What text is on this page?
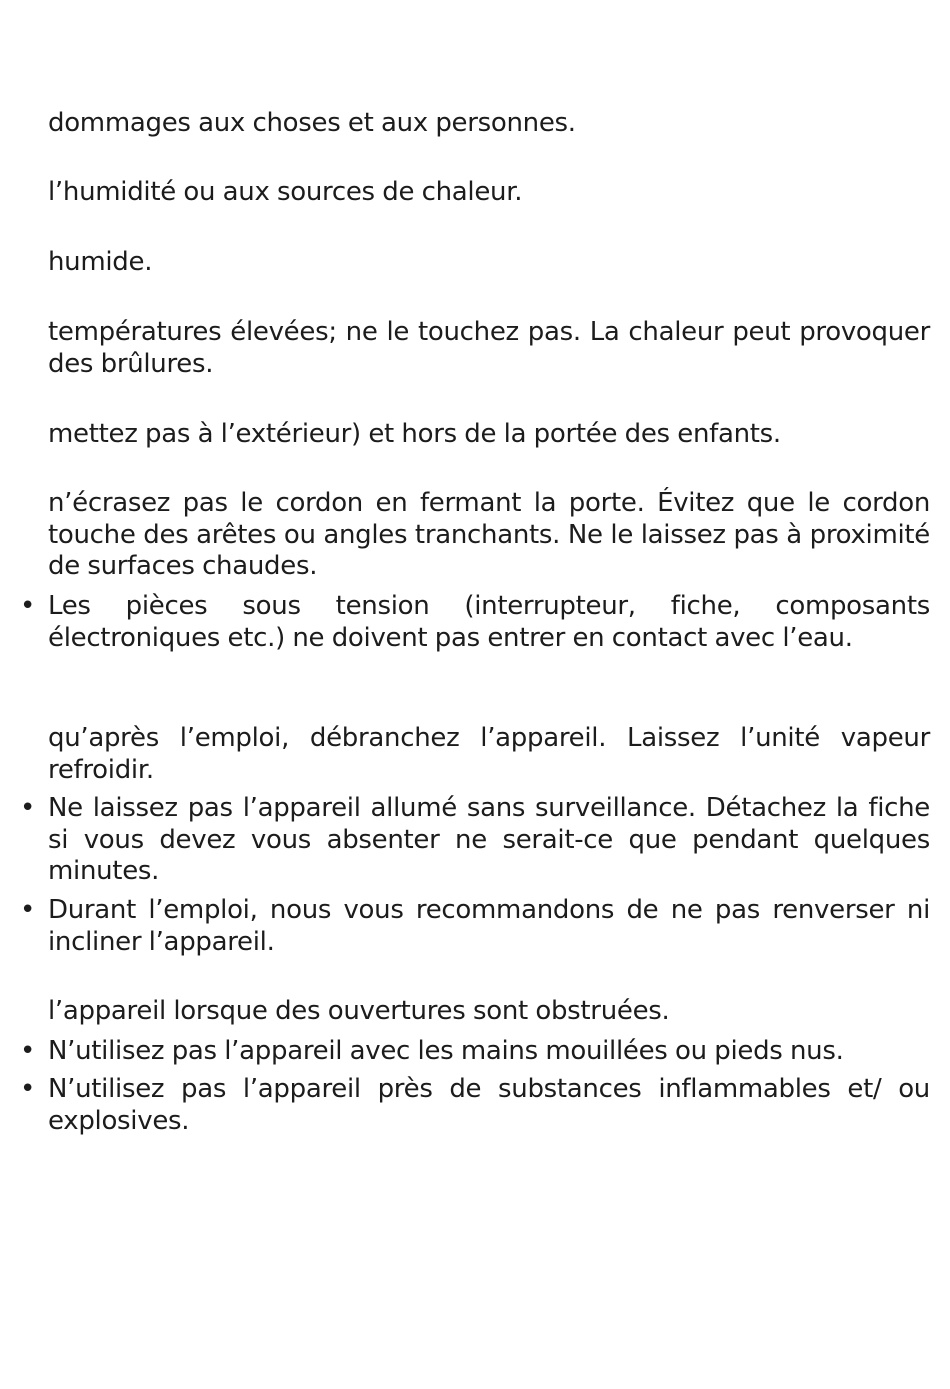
dommages aux choses et aux personnes.

l’humidité ou aux sources de chaleur.

humide.

températures élevées; ne le touchez pas. La chaleur peut provoquer des brûlures.

mettez pas à l’extérieur) et hors de la portée des enfants.

n’écrasez pas le cordon en fermant la porte. Évitez que le cordon touche des arêtes ou angles tranchants. Ne le laissez pas à proximité de surfaces chaudes.

• Les pièces sous tension (interrupteur, fiche, composants électroniques etc.) ne doivent pas entrer en contact avec l’eau.

qu’après l’emploi, débranchez l’appareil. Laissez l’unité vapeur refroidir.

• Ne laissez pas l’appareil allumé sans surveillance. Détachez la fiche si vous devez vous absenter ne serait-ce que pendant quelques minutes.

• Durant l’emploi, nous vous recommandons de ne pas renverser ni incliner l’appareil.

l’appareil lorsque des ouvertures sont obstruées.

• N’utilisez pas l’appareil avec les mains mouillées ou pieds nus.

• N’utilisez pas l’appareil près de substances inflammables et/ ou explosives.
